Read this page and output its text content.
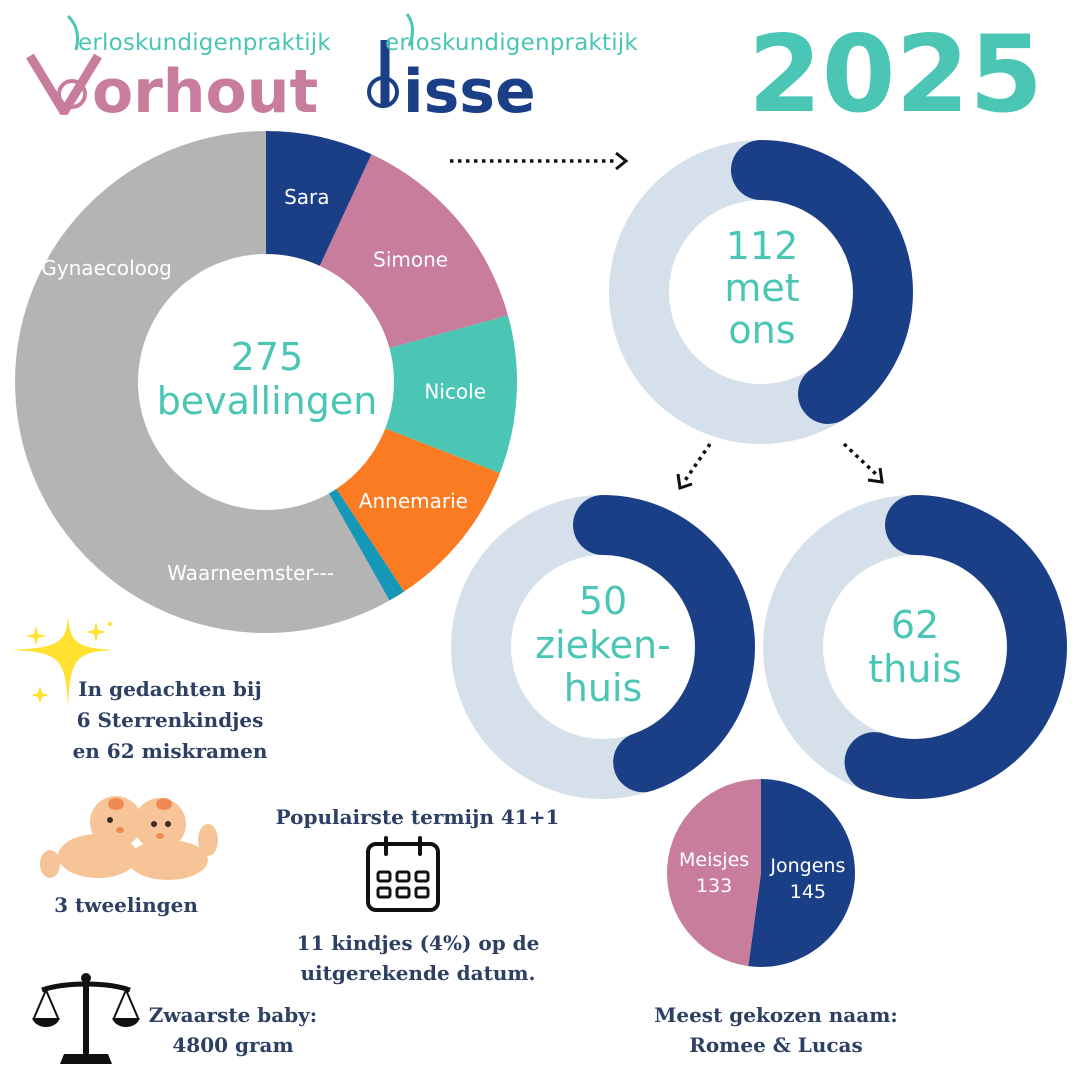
erloskundigenpraktijk
orhout
erloskundigenpraktijk
isse 2025
Sara
Simone
Nicole
Annemarie
Waarneemster---
Gynaecoloog
275
bevallingen
112
met
ons
50
zieken-
huis
62
thuis
Jongens
145
Meisjes
133
In gedachten bij
6 Sterrenkindjes
en 62 miskramen
3 tweelingen
Populairste termijn 41+1
11 kindjes (4%) op de
uitgerekende datum.
Zwaarste baby:
4800 gram
Meest gekozen naam:
Romee & Lucas
